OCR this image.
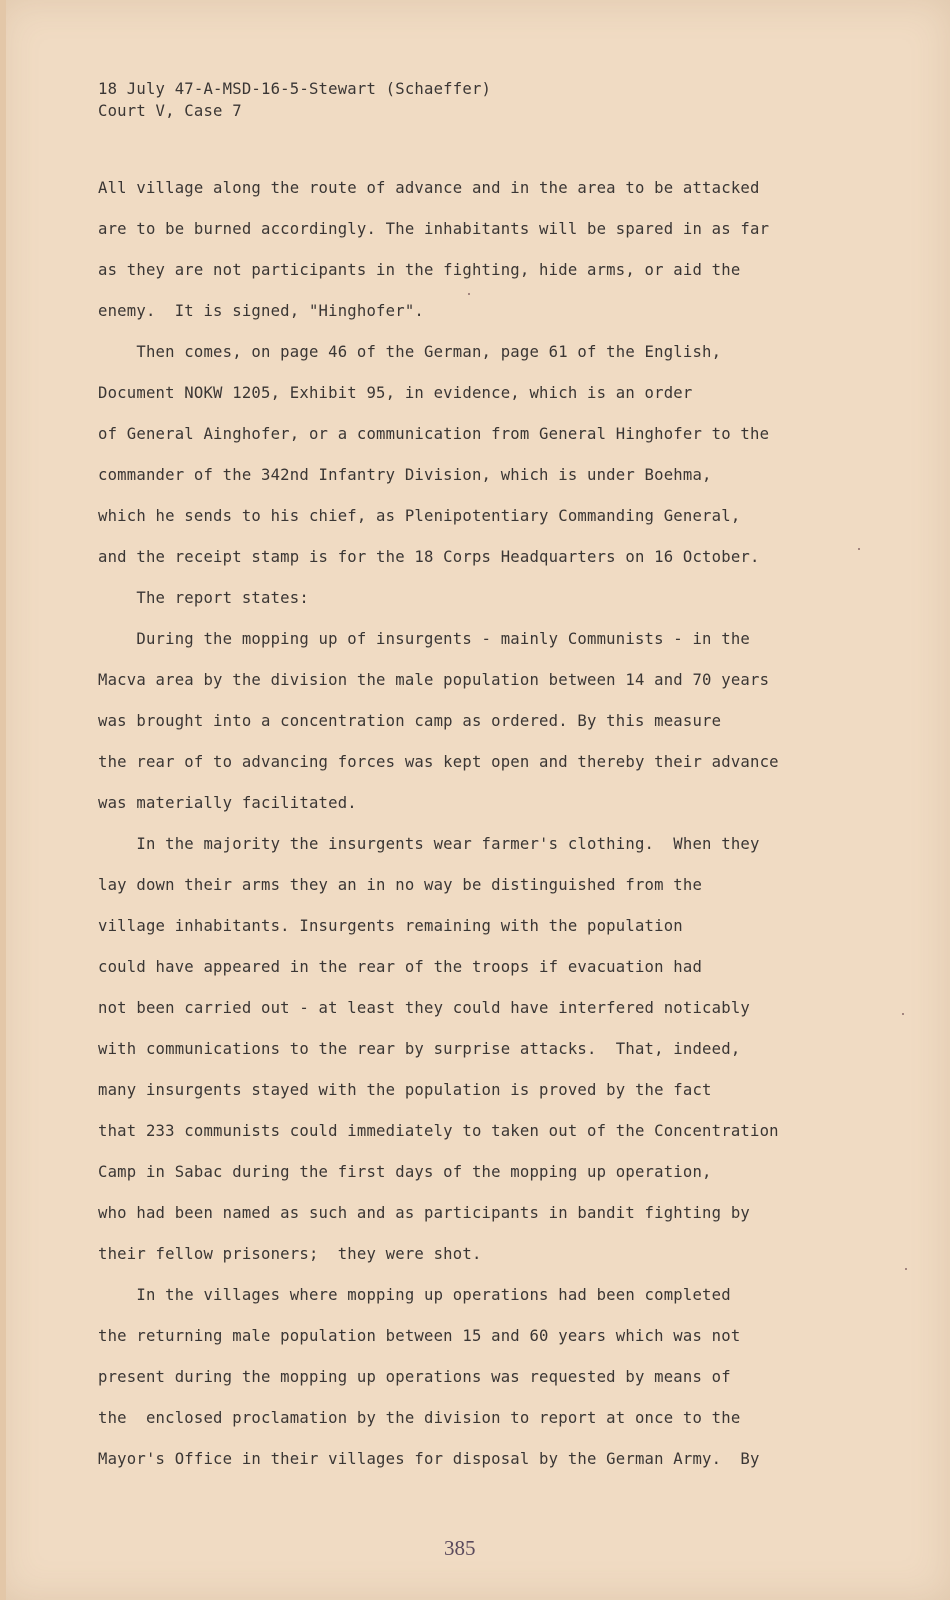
18 July 47-A-MSD-16-5-Stewart (Schaeffer)
Court V, Case 7
All village along the route of advance and in the area to be attacked
are to be burned accordingly. The inhabitants will be spared in as far
as they are not participants in the fighting, hide arms, or aid the
enemy.  It is signed, "Hinghofer".
Then comes, on page 46 of the German, page 61 of the English,
Document NOKW 1205, Exhibit 95, in evidence, which is an order
of General Ainghofer, or a communication from General Hinghofer to the
commander of the 342nd Infantry Division, which is under Boehma,
which he sends to his chief, as Plenipotentiary Commanding General,
and the receipt stamp is for the 18 Corps Headquarters on 16 October.
The report states:
During the mopping up of insurgents - mainly Communists - in the
Macva area by the division the male population between 14 and 70 years
was brought into a concentration camp as ordered. By this measure
the rear of to advancing forces was kept open and thereby their advance
was materially facilitated.
In the majority the insurgents wear farmer's clothing.  When they
lay down their arms they an in no way be distinguished from the
village inhabitants. Insurgents remaining with the population
could have appeared in the rear of the troops if evacuation had
not been carried out - at least they could have interfered noticably
with communications to the rear by surprise attacks.  That, indeed,
many insurgents stayed with the population is proved by the fact
that 233 communists could immediately to taken out of the Concentration
Camp in Sabac during the first days of the mopping up operation,
who had been named as such and as participants in bandit fighting by
their fellow prisoners;  they were shot.
In the villages where mopping up operations had been completed
the returning male population between 15 and 60 years which was not
present during the mopping up operations was requested by means of
the  enclosed proclamation by the division to report at once to the
Mayor's Office in their villages for disposal by the German Army.  By
385
